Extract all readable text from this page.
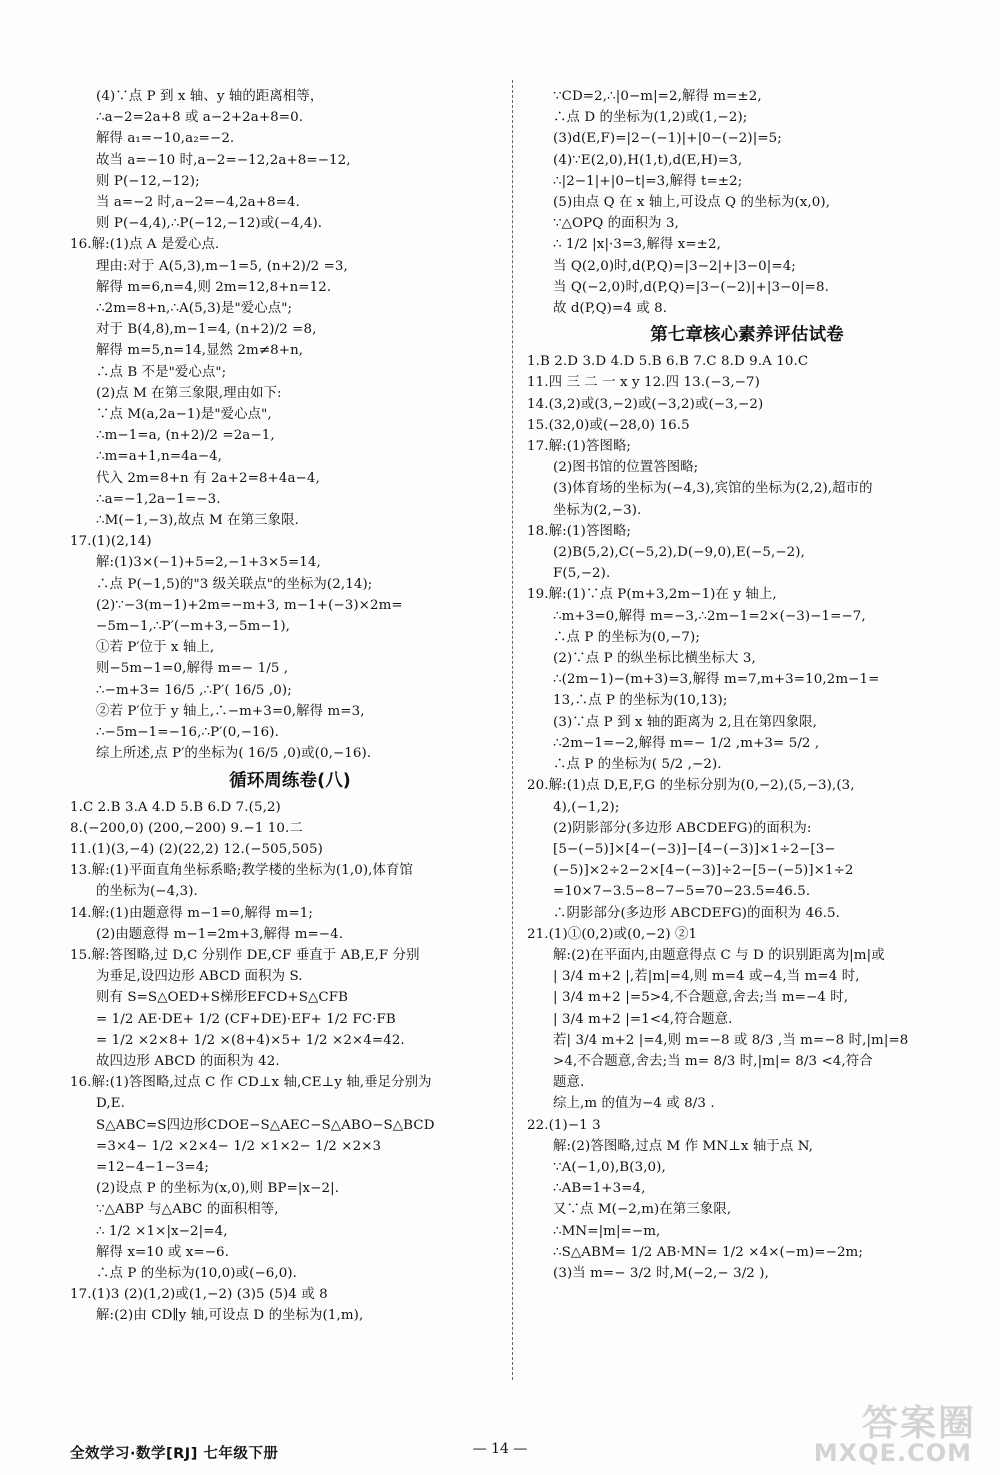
(4)∵点 P 到 x 轴、y 轴的距离相等，
∴a−2=2a+8 或 a−2+2a+8=0.
解得 a₁=−10,a₂=−2.
故当 a=−10 时,a−2=−12,2a+8=−12,
则 P(−12,−12);
当 a=−2 时,a−2=−4,2a+8=4.
则 P(−4,4),∴P(−12,−12)或(−4,4).
16.解:(1)点 A 是爱心点.
理由:对于 A(5,3),m−1=5, (n+2)/2 =3,
解得 m=6,n=4,则 2m=12,8+n=12.
∴2m=8+n,∴A(5,3)是"爱心点";
对于 B(4,8),m−1=4, (n+2)/2 =8,
解得 m=5,n=14,显然 2m≠8+n,
∴点 B 不是"爱心点";
(2)点 M 在第三象限,理由如下:
∵点 M(a,2a−1)是"爱心点",
∴m−1=a, (n+2)/2 =2a−1,
∴m=a+1,n=4a−4,
代入 2m=8+n 有 2a+2=8+4a−4,
∴a=−1,2a−1=−3.
∴M(−1,−3),故点 M 在第三象限.
17.(1)(2,14)
解:(1)3×(−1)+5=2,−1+3×5=14,
∴点 P(−1,5)的"3 级关联点"的坐标为(2,14);
(2)∵−3(m−1)+2m=−m+3, m−1+(−3)×2m=
−5m−1,∴P′(−m+3,−5m−1),
①若 P′位于 x 轴上,
则−5m−1=0,解得 m=− 1/5 ,
∴−m+3= 16/5 ,∴P′( 16/5 ,0);
②若 P′位于 y 轴上,∴−m+3=0,解得 m=3,
∴−5m−1=−16,∴P′(0,−16).
综上所述,点 P′的坐标为( 16/5 ,0)或(0,−16).
循环周练卷(八)
1.C 2.B 3.A 4.D 5.B 6.D 7.(5,2)
8.(−200,0) (200,−200) 9.−1 10.二
11.(1)(3,−4) (2)(22,2) 12.(−505,505)
13.解:(1)平面直角坐标系略;教学楼的坐标为(1,0),体育馆
的坐标为(−4,3).
14.解:(1)由题意得 m−1=0,解得 m=1;
(2)由题意得 m−1=2m+3,解得 m=−4.
15.解:答图略,过 D,C 分别作 DE,CF 垂直于 AB,E,F 分别
为垂足,设四边形 ABCD 面积为 S.
则有 S=S△OED+S梯形EFCD+S△CFB
= 1/2 AE·DE+ 1/2 (CF+DE)·EF+ 1/2 FC·FB
= 1/2 ×2×8+ 1/2 ×(8+4)×5+ 1/2 ×2×4=42.
故四边形 ABCD 的面积为 42.
16.解:(1)答图略,过点 C 作 CD⊥x 轴,CE⊥y 轴,垂足分别为
D,E.
S△ABC=S四边形CDOE−S△AEC−S△ABO−S△BCD
=3×4− 1/2 ×2×4− 1/2 ×1×2− 1/2 ×2×3
=12−4−1−3=4;
(2)设点 P 的坐标为(x,0),则 BP=|x−2|.
∵△ABP 与△ABC 的面积相等,
∴ 1/2 ×1×|x−2|=4,
解得 x=10 或 x=−6.
∴点 P 的坐标为(10,0)或(−6,0).
17.(1)3 (2)(1,2)或(1,−2) (3)5 (5)4 或 8
解:(2)由 CD∥y 轴,可设点 D 的坐标为(1,m),
∵CD=2,∴|0−m|=2,解得 m=±2,
∴点 D 的坐标为(1,2)或(1,−2);
(3)d(E,F)=|2−(−1)|+|0−(−2)|=5;
(4)∵E(2,0),H(1,t),d(E,H)=3,
∴|2−1|+|0−t|=3,解得 t=±2;
(5)由点 Q 在 x 轴上,可设点 Q 的坐标为(x,0),
∵△OPQ 的面积为 3,
∴ 1/2 |x|·3=3,解得 x=±2,
当 Q(2,0)时,d(P,Q)=|3−2|+|3−0|=4;
当 Q(−2,0)时,d(P,Q)=|3−(−2)|+|3−0|=8.
故 d(P,Q)=4 或 8.
第七章核心素养评估试卷
1.B 2.D 3.D 4.D 5.B 6.B 7.C 8.D 9.A 10.C
11.四 三 二 一 x y 12.四 13.(−3,−7)
14.(3,2)或(3,−2)或(−3,2)或(−3,−2)
15.(32,0)或(−28,0) 16.5
17.解:(1)答图略;
(2)图书馆的位置答图略;
(3)体育场的坐标为(−4,3),宾馆的坐标为(2,2),超市的
坐标为(2,−3).
18.解:(1)答图略;
(2)B(5,2),C(−5,2),D(−9,0),E(−5,−2),
F(5,−2).
19.解:(1)∵点 P(m+3,2m−1)在 y 轴上,
∴m+3=0,解得 m=−3,∴2m−1=2×(−3)−1=−7,
∴点 P 的坐标为(0,−7);
(2)∵点 P 的纵坐标比横坐标大 3,
∴(2m−1)−(m+3)=3,解得 m=7,m+3=10,2m−1=
13,∴点 P 的坐标为(10,13);
(3)∵点 P 到 x 轴的距离为 2,且在第四象限,
∴2m−1=−2,解得 m=− 1/2 ,m+3= 5/2 ,
∴点 P 的坐标为( 5/2 ,−2).
20.解:(1)点 D,E,F,G 的坐标分别为(0,−2),(5,−3),(3,
4),(−1,2);
(2)阴影部分(多边形 ABCDEFG)的面积为:
[5−(−5)]×[4−(−3)]−[4−(−3)]×1÷2−[3−
(−5)]×2÷2−2×[4−(−3)]÷2−[5−(−5)]×1÷2
=10×7−3.5−8−7−5=70−23.5=46.5.
∴阴影部分(多边形 ABCDEFG)的面积为 46.5.
21.(1)①(0,2)或(0,−2) ②1
解:(2)在平面内,由题意得点 C 与 D 的识别距离为|m|或
| 3/4 m+2 |,若|m|=4,则 m=4 或−4,当 m=4 时,
| 3/4 m+2 |=5>4,不合题意,舍去;当 m=−4 时,
| 3/4 m+2 |=1<4,符合题意.
若| 3/4 m+2 |=4,则 m=−8 或 8/3 ,当 m=−8 时,|m|=8
>4,不合题意,舍去;当 m= 8/3 时,|m|= 8/3 <4,符合
题意.
综上,m 的值为−4 或 8/3 .
22.(1)−1 3
解:(2)答图略,过点 M 作 MN⊥x 轴于点 N,
∵A(−1,0),B(3,0),
∴AB=1+3=4,
又∵点 M(−2,m)在第三象限,
∴MN=|m|=−m,
∴S△ABM= 1/2 AB·MN= 1/2 ×4×(−m)=−2m;
(3)当 m=− 3/2 时,M(−2,− 3/2 ),
全效学习·数学[RJ] 七年级下册	— 14 —
答案圈
MXQE.COM
